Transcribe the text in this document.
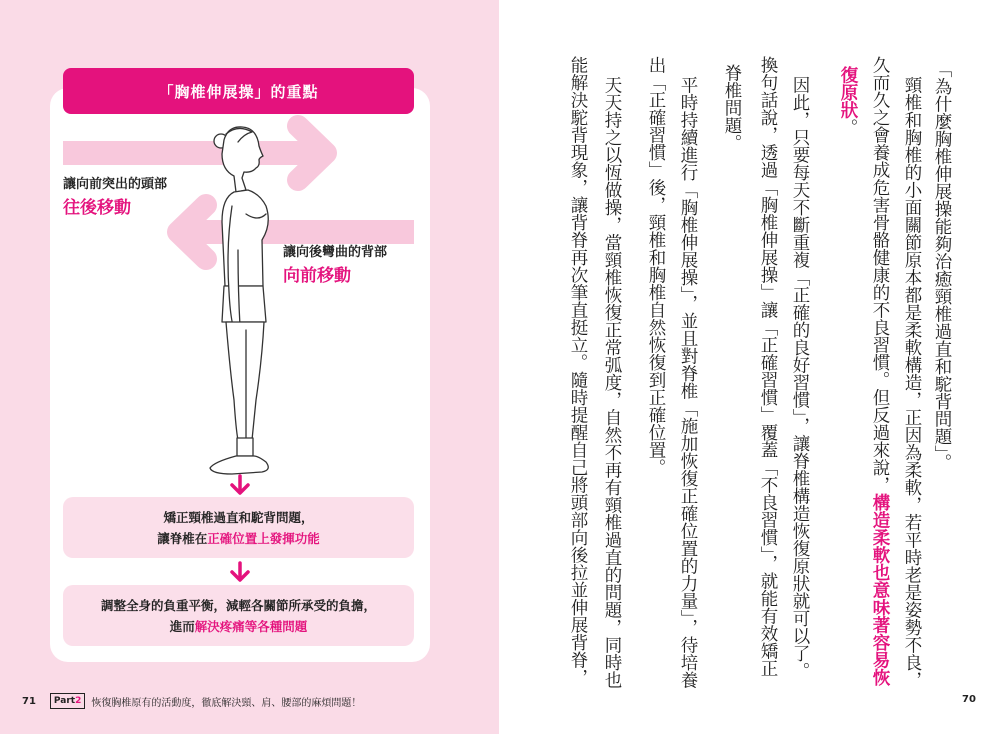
「胸椎伸展操」的重點
讓向前突出的頭部
往後移動
讓向後彎曲的背部
向前移動
矯正頸椎過直和駝背問題，
讓脊椎在正確位置上發揮功能
調整全身的負重平衡，減輕各關節所承受的負擔，
進而解決疼痛等各種問題
71 Part 2 恢復胸椎原有的活動度，徹底解決頸、肩、腰部的麻煩問題！
「為什麼胸椎伸展操能夠治癒頸椎過直和駝背問題」。
頸椎和胸椎的小面關節原本都是柔軟構造，正因為柔軟，若平時老是姿勢不良，
久而久之會養成危害骨骼健康的不良習慣。但反過來說，構造柔軟也意味著容易恢
復原狀。
因此，只要每天不斷重複「正確的良好習慣」，讓脊椎構造恢復原狀就可以了。
換句話說，透過「胸椎伸展操」讓「正確習慣」覆蓋「不良習慣」，就能有效矯正
脊椎問題。
平時持續進行「胸椎伸展操」，並且對脊椎「施加恢復正確位置的力量」，待培養
出「正確習慣」後，頸椎和胸椎自然恢復到正確位置。
天天持之以恆做操，當頸椎恢復正常弧度，自然不再有頸椎過直的問題，同時也
能解決駝背現象，讓背脊再次筆直挺立。隨時提醒自己將頭部向後拉並伸展背脊，
70
